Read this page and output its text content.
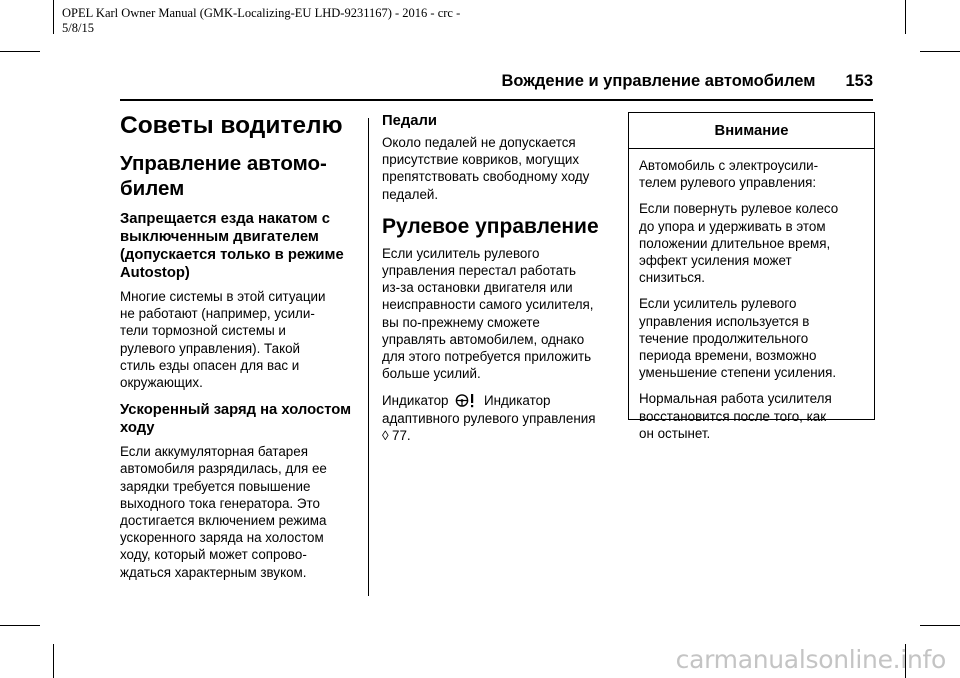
OPEL Karl Owner Manual (GMK-Localizing-EU LHD-9231167) - 2016 - crc -
5/8/15
Вождение и управление автомобилем 153
Советы водителю
Управление автомо-
билем
Запрещается езда накатом с выключенным двигателем (допускается только в режиме Autostop)
Многие системы в этой ситуации
не работают (например, усили-
тели тормозной системы и
рулевого управления). Такой
стиль езды опасен для вас и
окружающих.
Ускоренный заряд на холостом ходу
Если аккумуляторная батарея
автомобиля разрядилась, для ее
зарядки требуется повышение
выходного тока генератора. Это
достигается включением режима
ускоренного заряда на холостом
ходу, который может сопрово-
ждаться характерным звуком.
Педали
Около педалей не допускается
присутствие ковриков, могущих
препятствовать свободному ходу
педалей.
Рулевое управление
Если усилитель рулевого
управления перестал работать
из-за остановки двигателя или
неисправности самого усилителя,
вы по-прежнему сможете
управлять автомобилем, однако
для этого потребуется приложить
больше усилий.
Индикатор	Индикатор
адаптивного рулевого управления
◊ 77.
Внимание
Автомобиль с электроусили-
телем рулевого управления:
Если повернуть рулевое колесо
до упора и удерживать в этом
положении длительное время,
эффект усиления может
снизиться.
Если усилитель рулевого
управления используется в
течение продолжительного
периода времени, возможно
уменьшение степени усиления.
Нормальная работа усилителя
восстановится после того, как
он остынет.
carmanualsonline.info
